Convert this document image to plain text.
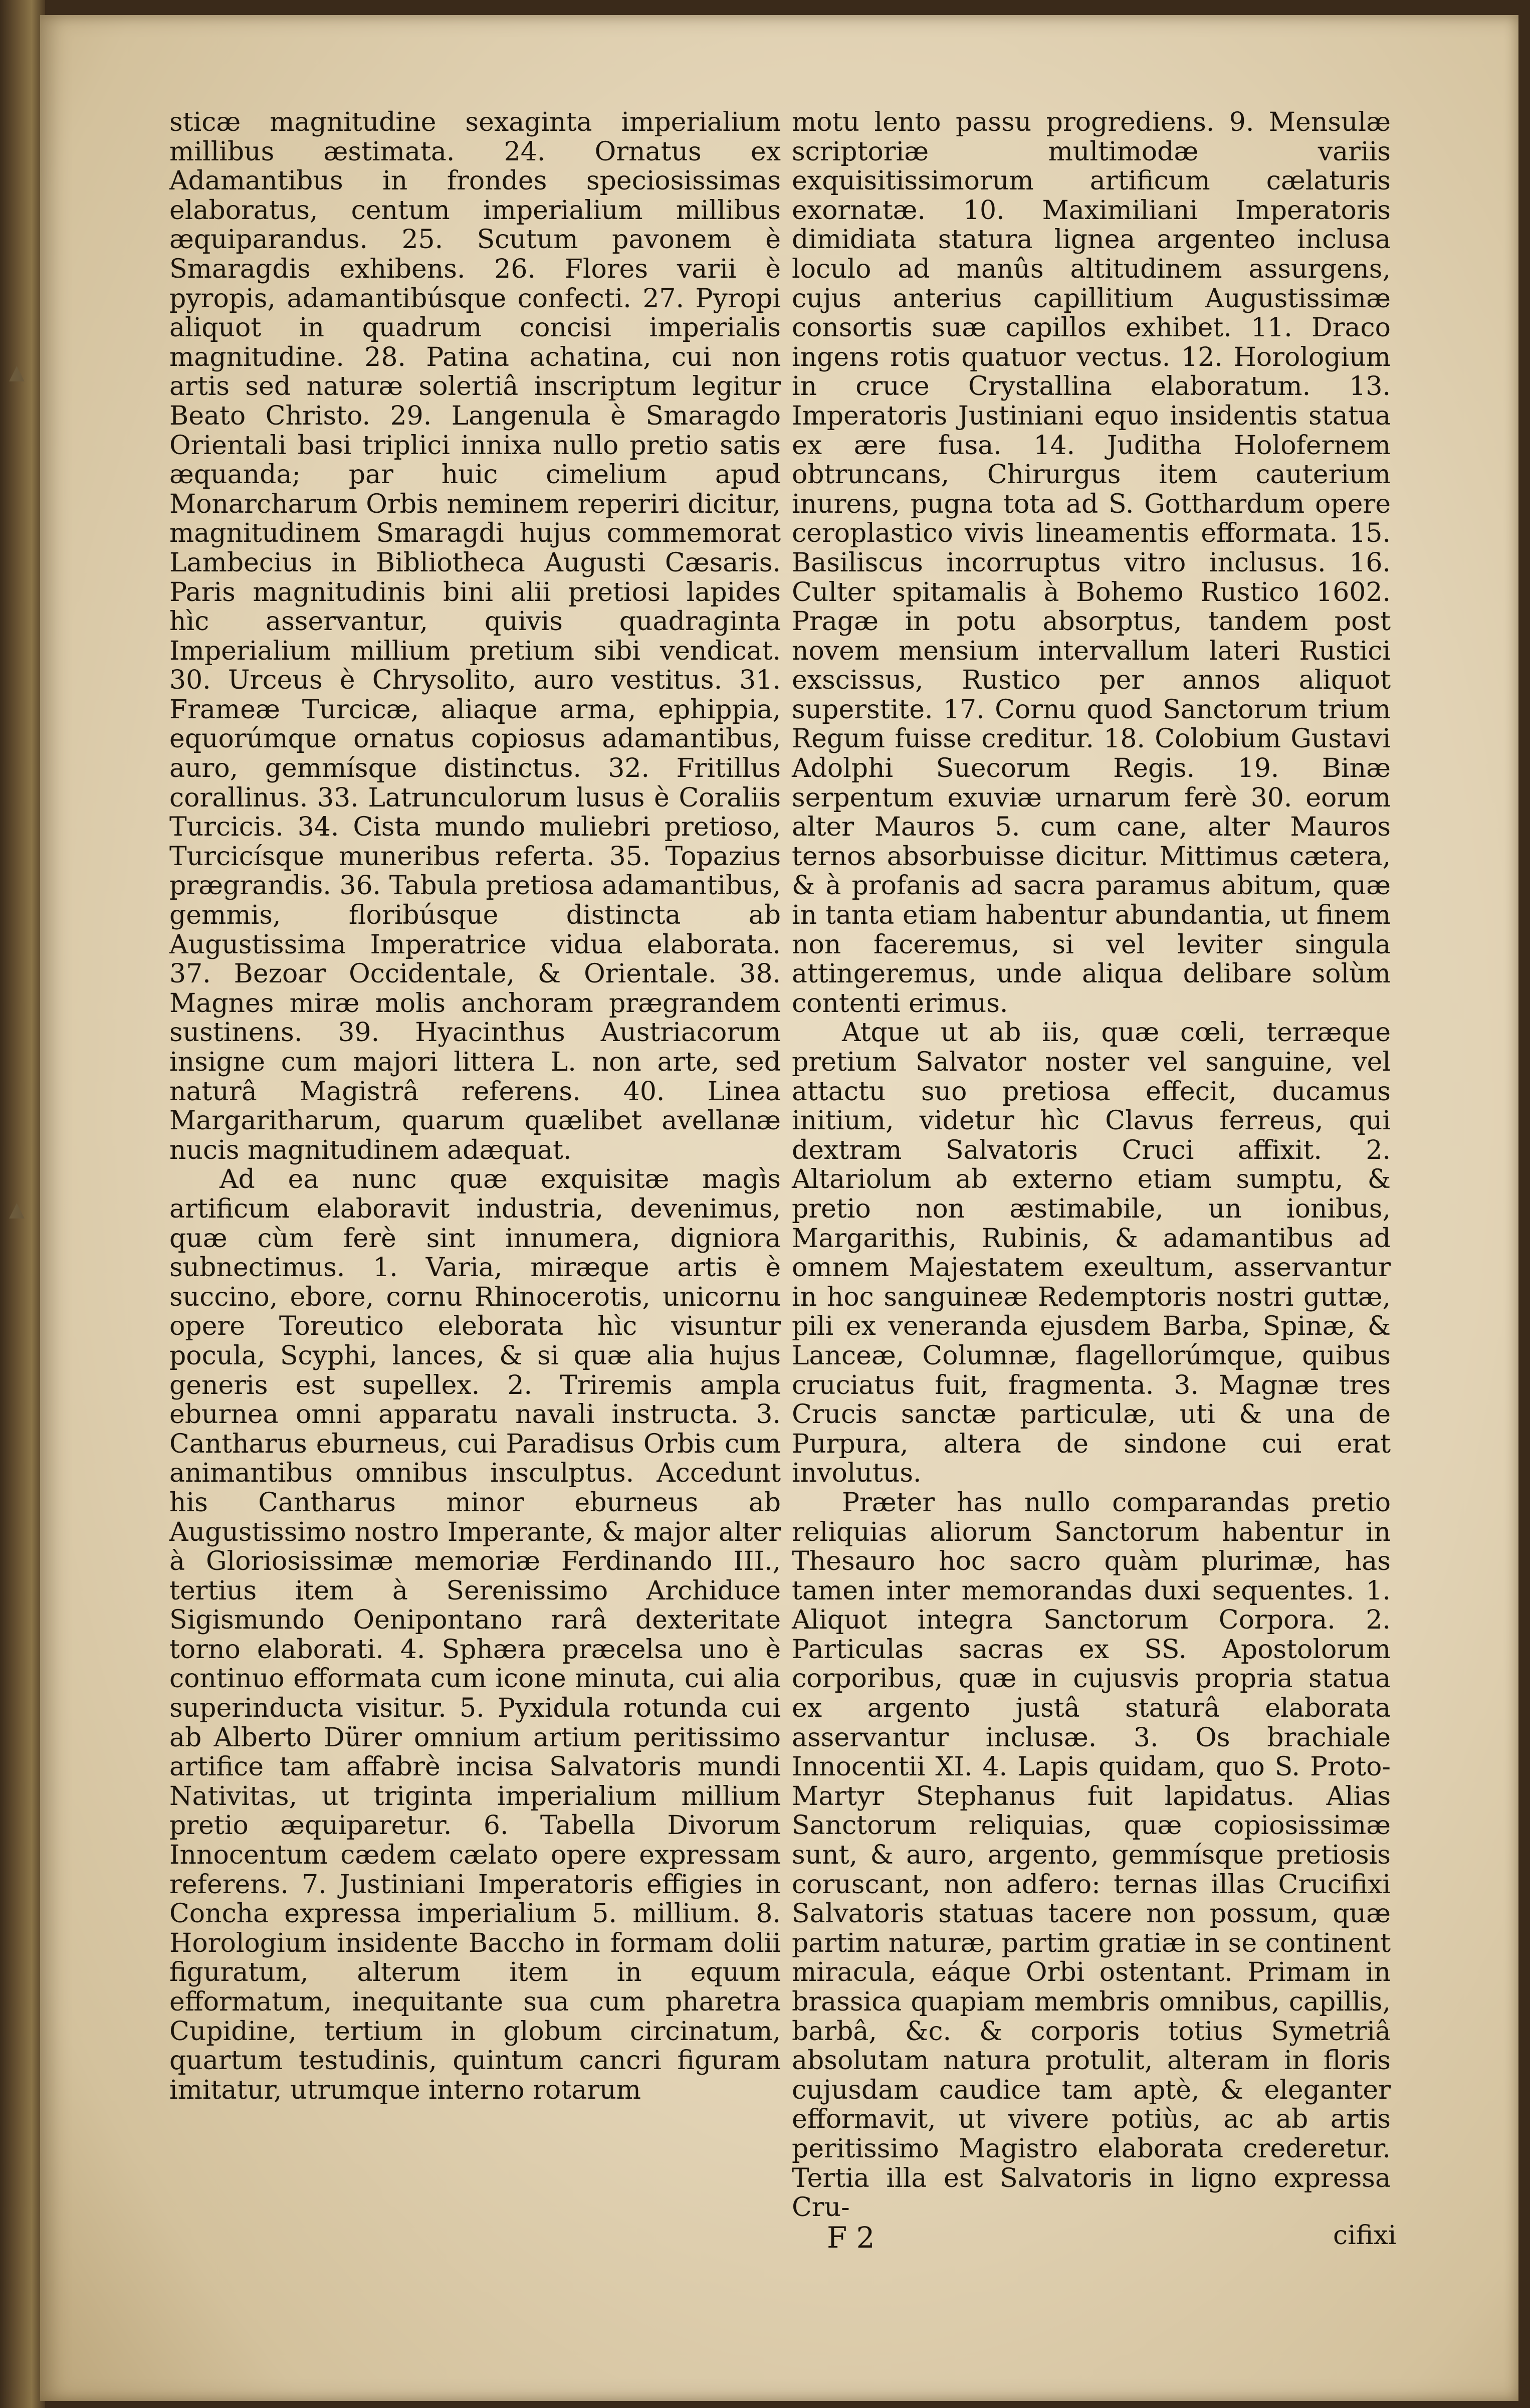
▲
▲

sticæ magnitudine sexaginta imperialium millibus æstimata. 24. Ornatus ex Adamantibus in frondes speciosissimas elaboratus, centum imperialium millibus æquiparandus. 25. Scutum pavonem è Smaragdis exhibens. 26. Flores varii è pyropis, adamantibúsque confecti. 27. Pyropi aliquot in quadrum concisi imperialis magnitudine. 28. Patina achatina, cui non artis sed naturæ solertiâ inscriptum legitur Beato Christo. 29. Langenula è Smaragdo Orientali basi triplici innixa nullo pretio satis æquanda; par huic cimelium apud Monarcharum Orbis neminem reperiri dicitur, magnitudinem Smaragdi hujus commemorat Lambecius in Bibliotheca Augusti Cæsaris. Paris magnitudinis bini alii pretiosi lapides hìc asservantur, quivis quadraginta Imperialium millium pretium sibi vendicat. 30. Urceus è Chrysolito, auro vestitus. 31. Frameæ Turcicæ, aliaque arma, ephippia, equorúmque ornatus copiosus adamantibus, auro, gemmísque distinctus. 32. Fritillus corallinus. 33. Latrunculorum lusus è Coraliis Turcicis. 34. Cista mundo muliebri pretioso, Turcicísque muneribus referta. 35. Topazius prægrandis. 36. Tabula pretiosa adamantibus, gemmis, floribúsque distincta ab Augustissima Imperatrice vidua elaborata. 37. Bezoar Occidentale, & Orientale. 38. Magnes miræ molis anchoram prægrandem sustinens. 39. Hyacinthus Austriacorum insigne cum majori littera L. non arte, sed naturâ Magistrâ referens. 40. Linea Margaritharum, quarum quælibet avellanæ nucis magnitudinem adæquat.

Ad ea nunc quæ exquisitæ magìs artificum elaboravit industria, devenimus, quæ cùm ferè sint innumera, digniora subnectimus. 1. Varia, miræque artis è succino, ebore, cornu Rhinocerotis, unicornu opere Toreutico eleborata hìc visuntur pocula, Scyphi, lances, & si quæ alia hujus generis est supellex. 2. Triremis ampla eburnea omni apparatu navali instructa. 3. Cantharus eburneus, cui Paradisus Orbis cum animantibus omnibus insculptus. Accedunt his Cantharus minor eburneus ab Augustissimo nostro Imperante, & major alter à Gloriosissimæ memoriæ Ferdinando III., tertius item à Serenissimo Archiduce Sigismundo Oenipontano rarâ dexteritate torno elaborati. 4. Sphæra præcelsa uno è continuo efformata cum icone minuta, cui alia superinducta visitur. 5. Pyxidula rotunda cui ab Alberto Dürer omnium artium peritissimo artifice tam affabrè incisa Salvatoris mundi Nativitas, ut triginta imperialium millium pretio æquiparetur. 6. Tabella Divorum Innocentum cædem cælato opere expressam referens. 7. Justiniani Imperatoris effigies in Concha expressa imperialium 5. millium. 8. Horologium insidente Baccho in formam dolii figuratum, alterum item in equum efformatum, inequitante sua cum pharetra Cupidine, tertium in globum circinatum, quartum testudinis, quintum cancri figuram imitatur, utrumque interno rotarum

motu lento passu progrediens. 9. Mensulæ scriptoriæ multimodæ variis exquisitissimorum artificum cælaturis exornatæ. 10. Maximiliani Imperatoris dimidiata statura lignea argenteo inclusa loculo ad manûs altitudinem assurgens, cujus anterius capillitium Augustissimæ consortis suæ capillos exhibet. 11. Draco ingens rotis quatuor vectus. 12. Horologium in cruce Crystallina elaboratum. 13. Imperatoris Justiniani equo insidentis statua ex ære fusa. 14. Juditha Holofernem obtruncans, Chirurgus item cauterium inurens, pugna tota ad S. Gotthardum opere ceroplastico vivis lineamentis efformata. 15. Basiliscus incorruptus vitro inclusus. 16. Culter spitamalis à Bohemo Rustico 1602. Pragæ in potu absorptus, tandem post novem mensium intervallum lateri Rustici exscissus, Rustico per annos aliquot superstite. 17. Cornu quod Sanctorum trium Regum fuisse creditur. 18. Colobium Gustavi Adolphi Suecorum Regis. 19. Binæ serpentum exuviæ urnarum ferè 30. eorum alter Mauros 5. cum cane, alter Mauros ternos absorbuisse dicitur. Mittimus cætera, & à profanis ad sacra paramus abitum, quæ in tanta etiam habentur abundantia, ut finem non faceremus, si vel leviter singula attingeremus, unde aliqua delibare solùm contenti erimus.

Atque ut ab iis, quæ cœli, terræque pretium Salvator noster vel sanguine, vel attactu suo pretiosa effecit, ducamus initium, videtur hìc Clavus ferreus, qui dextram Salvatoris Cruci affixit. 2. Altariolum ab externo etiam sumptu, & pretio non æstimabile, un ionibus, Margarithis, Rubinis, & adamantibus ad omnem Majestatem exeultum, asservantur in hoc sanguineæ Redemptoris nostri guttæ, pili ex veneranda ejusdem Barba, Spinæ, & Lanceæ, Columnæ, flagellorúmque, quibus cruciatus fuit, fragmenta. 3. Magnæ tres Crucis sanctæ particulæ, uti & una de Purpura, altera de sindone cui erat involutus.

Præter has nullo comparandas pretio reliquias aliorum Sanctorum habentur in Thesauro hoc sacro quàm plurimæ, has tamen inter memorandas duxi sequentes. 1. Aliquot integra Sanctorum Corpora. 2. Particulas sacras ex SS. Apostolorum corporibus, quæ in cujusvis propria statua ex argento justâ staturâ elaborata asservantur inclusæ. 3. Os brachiale Innocentii XI. 4. Lapis quidam, quo S. Proto-Martyr Stephanus fuit lapidatus. Alias Sanctorum reliquias, quæ copiosissimæ sunt, & auro, argento, gemmísque pretiosis coruscant, non adfero: ternas illas Crucifixi Salvatoris statuas tacere non possum, quæ partim naturæ, partim gratiæ in se continent miracula, eáque Orbi ostentant. Primam in brassica quapiam membris omnibus, capillis, barbâ, &c. & corporis totius Symetriâ absolutam natura protulit, alteram in floris cujusdam caudice tam aptè, & eleganter efformavit, ut vivere potiùs, ac ab artis peritissimo Magistro elaborata crederetur. Tertia illa est Salvatoris in ligno expressa Cru-

F 2	cifixi
